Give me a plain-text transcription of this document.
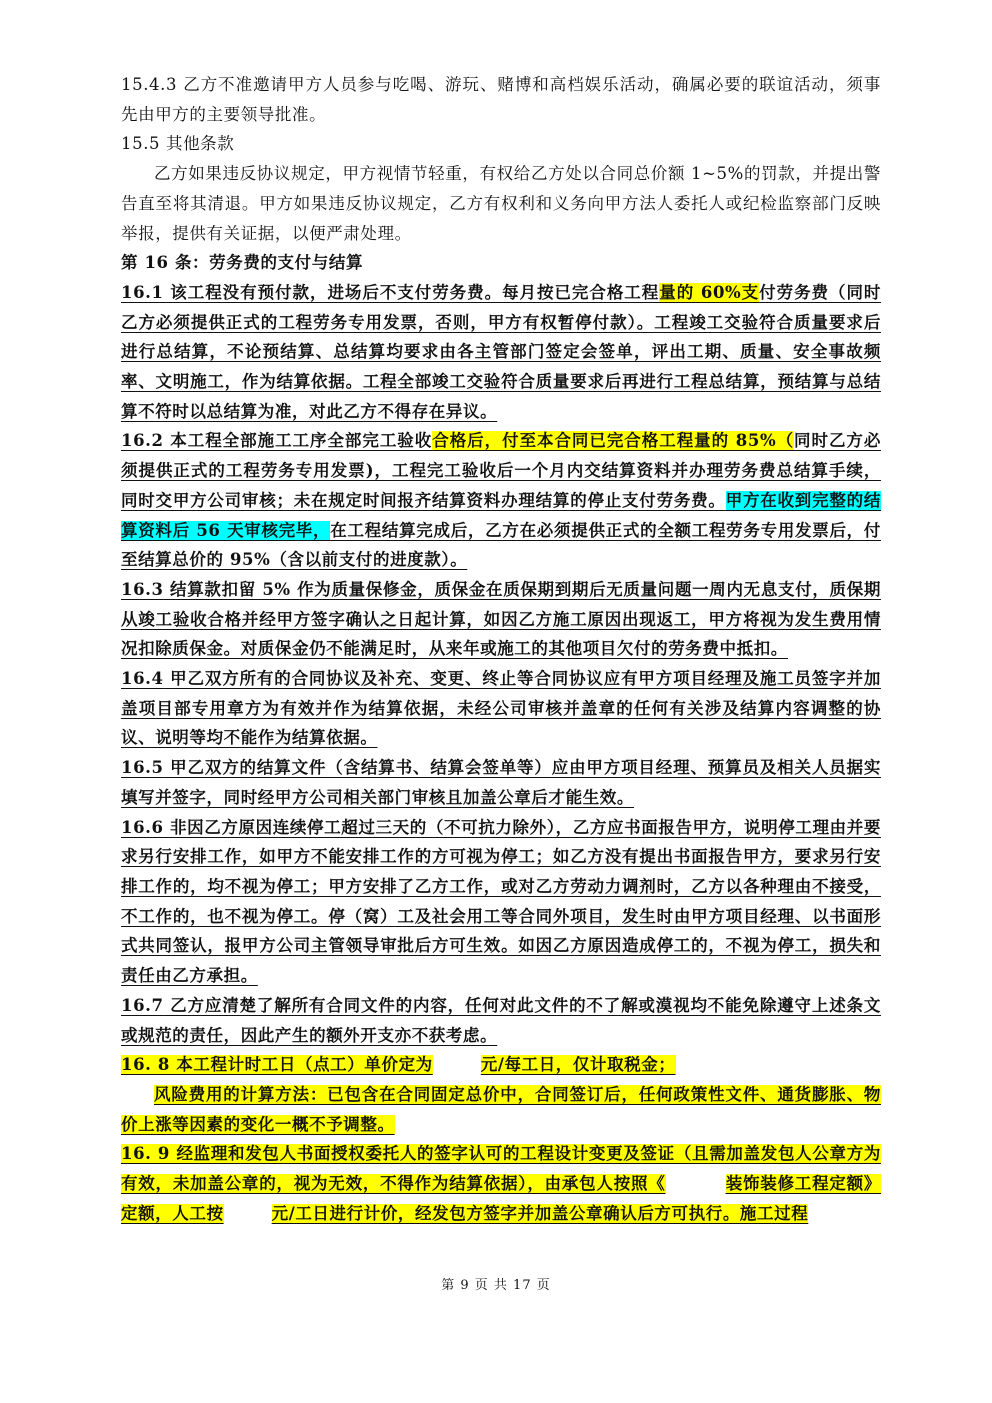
15.4.3 乙方不准邀请甲方人员参与吃喝、游玩、赌博和高档娱乐活动，确属必要的联谊活动，须事先由甲方的主要领导批准。

15.5 其他条款

乙方如果违反协议规定，甲方视情节轻重，有权给乙方处以合同总价额 1~5%的罚款，并提出警告直至将其清退。甲方如果违反协议规定，乙方有权利和义务向甲方法人委托人或纪检监察部门反映举报，提供有关证据，以便严肃处理。

第 16 条：劳务费的支付与结算

16.1 该工程没有预付款，进场后不支付劳务费。每月按已完合格工程量的 60%支付劳务费（同时乙方必须提供正式的工程劳务专用发票，否则，甲方有权暂停付款）。工程竣工交验符合质量要求后进行总结算，不论预结算、总结算均要求由各主管部门签定会签单，评出工期、质量、安全事故频率、文明施工，作为结算依据。工程全部竣工交验符合质量要求后再进行工程总结算，预结算与总结算不符时以总结算为准，对此乙方不得存在异议。

16.2 本工程全部施工工序全部完工验收合格后，付至本合同已完合格工程量的 85%（同时乙方必须提供正式的工程劳务专用发票)，工程完工验收后一个月内交结算资料并办理劳务费总结算手续，同时交甲方公司审核；未在规定时间报齐结算资料办理结算的停止支付劳务费。甲方在收到完整的结算资料后 56 天审核完毕，在工程结算完成后，乙方在必须提供正式的全额工程劳务专用发票后，付至结算总价的 95%（含以前支付的进度款）。

16.3 结算款扣留 5% 作为质量保修金，质保金在质保期到期后无质量问题一周内无息支付，质保期从竣工验收合格并经甲方签字确认之日起计算，如因乙方施工原因出现返工，甲方将视为发生费用情况扣除质保金。对质保金仍不能满足时，从来年或施工的其他项目欠付的劳务费中抵扣。

16.4 甲乙双方所有的合同协议及补充、变更、终止等合同协议应有甲方项目经理及施工员签字并加盖项目部专用章方为有效并作为结算依据，未经公司审核并盖章的任何有关涉及结算内容调整的协议、说明等均不能作为结算依据。

16.5 甲乙双方的结算文件（含结算书、结算会签单等）应由甲方项目经理、预算员及相关人员据实填写并签字，同时经甲方公司相关部门审核且加盖公章后才能生效。

16.6 非因乙方原因连续停工超过三天的（不可抗力除外），乙方应书面报告甲方，说明停工理由并要求另行安排工作，如甲方不能安排工作的方可视为停工；如乙方没有提出书面报告甲方，要求另行安排工作的，均不视为停工；甲方安排了乙方工作，或对乙方劳动力调剂时，乙方以各种理由不接受，不工作的，也不视为停工。停（窝）工及社会用工等合同外项目，发生时由甲方项目经理、以书面形式共同签认，报甲方公司主管领导审批后方可生效。如因乙方原因造成停工的，不视为停工，损失和责任由乙方承担。

16.7 乙方应清楚了解所有合同文件的内容，任何对此文件的不了解或漠视均不能免除遵守上述条文或规范的责任，因此产生的额外开支亦不获考虑。

16. 8 本工程计时工日（点工）单价定为	元/每工日，仅计取税金；

风险费用的计算方法：已包含在合同固定总价中，合同签订后，任何政策性文件、通货膨胀、物价上涨等因素的变化一概不予调整。

16. 9 经监理和发包人书面授权委托人的签字认可的工程设计变更及签证（且需加盖发包人公章方为有效，未加盖公章的，视为无效，不得作为结算依据），由承包人按照《	装饰装修工程定额》定额，人工按	元/工日进行计价，经发包方签字并加盖公章确认后方可执行。施工过程

第 9 页 共 17 页
